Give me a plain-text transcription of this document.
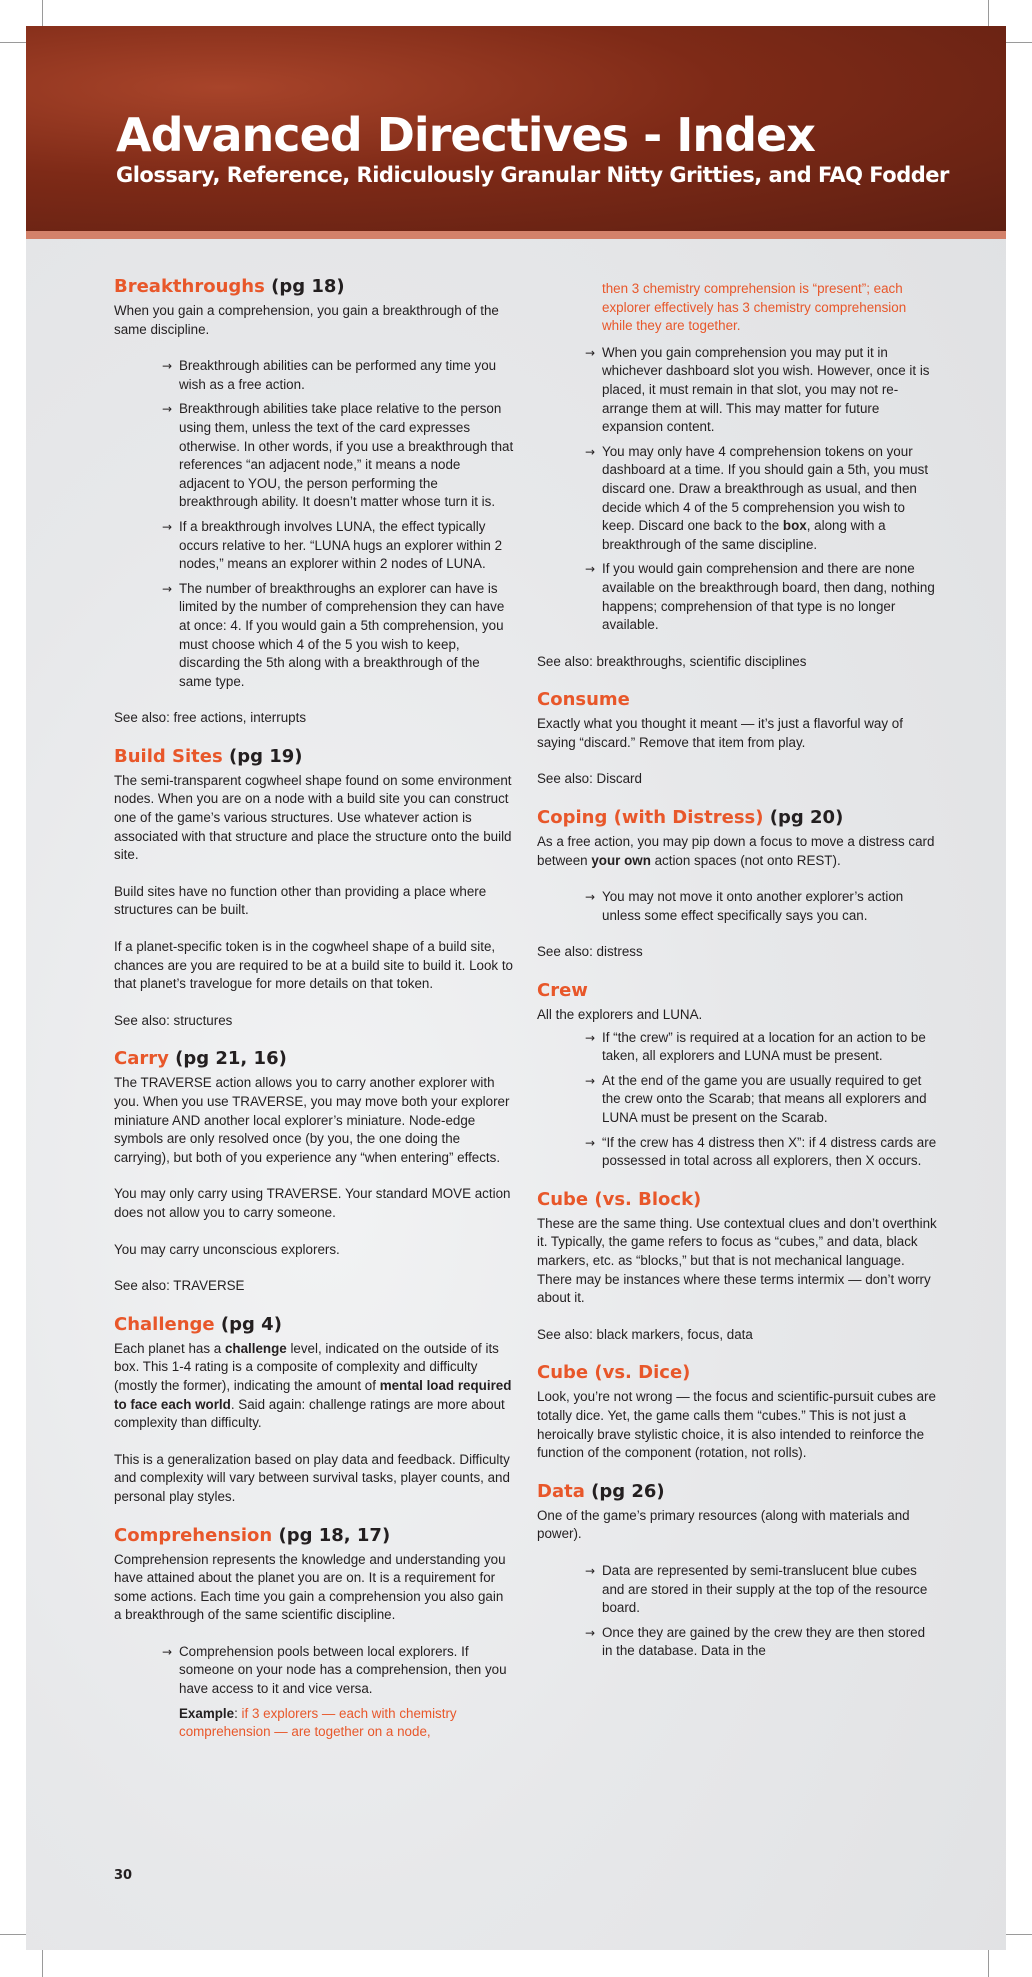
Advanced Directives - Index
Glossary, Reference, Ridiculously Granular Nitty Gritties, and FAQ Fodder
Breakthroughs (pg 18)

When you gain a comprehension, you gain a breakthrough of the same discipline.

→ Breakthrough abilities can be performed any time you wish as a free action.
→ Breakthrough abilities take place relative to the person using them, unless the text of the card expresses otherwise. In other words, if you use a breakthrough that references “an adjacent node,” it means a node adjacent to YOU, the person performing the breakthrough ability. It doesn’t matter whose turn it is.
→ If a breakthrough involves LUNA, the effect typically occurs relative to her. “LUNA hugs an explorer within 2 nodes,” means an explorer within 2 nodes of LUNA.
→ The number of breakthroughs an explorer can have is limited by the number of comprehension they can have at once: 4. If you would gain a 5th comprehension, you must choose which 4 of the 5 you wish to keep, discarding the 5th along with a breakthrough of the same type.

See also: free actions, interrupts

Build Sites (pg 19)

The semi-transparent cogwheel shape found on some environment nodes. When you are on a node with a build site you can construct one of the game’s various structures. Use whatever action is associated with that structure and place the structure onto the build site.

Build sites have no function other than providing a place where structures can be built.

If a planet-specific token is in the cogwheel shape of a build site, chances are you are required to be at a build site to build it. Look to that planet’s travelogue for more details on that token.

See also: structures

Carry (pg 21, 16)

The TRAVERSE action allows you to carry another explorer with you. When you use TRAVERSE, you may move both your explorer miniature AND another local explorer’s miniature. Node-edge symbols are only resolved once (by you, the one doing the carrying), but both of you experience any “when entering” effects.

You may only carry using TRAVERSE. Your standard MOVE action does not allow you to carry someone.

You may carry unconscious explorers.

See also: TRAVERSE

Challenge (pg 4)

Each planet has a challenge level, indicated on the outside of its box. This 1-4 rating is a composite of complexity and difficulty (mostly the former), indicating the amount of mental load required to face each world. Said again: challenge ratings are more about complexity than difficulty.

This is a generalization based on play data and feedback. Difficulty and complexity will vary between survival tasks, player counts, and personal play styles.

Comprehension (pg 18, 17)

Comprehension represents the knowledge and understanding you have attained about the planet you are on. It is a requirement for some actions. Each time you gain a comprehension you also gain a breakthrough of the same scientific discipline.

→ Comprehension pools between local explorers. If someone on your node has a comprehension, then you have access to it and vice versa.
Example: if 3 explorers — each with chemistry comprehension — are together on a node,
then 3 chemistry comprehension is “present”; each explorer effectively has 3 chemistry comprehension while they are together.
→ When you gain comprehension you may put it in whichever dashboard slot you wish. However, once it is placed, it must remain in that slot, you may not re-arrange them at will. This may matter for future expansion content.
→ You may only have 4 comprehension tokens on your dashboard at a time. If you should gain a 5th, you must discard one. Draw a breakthrough as usual, and then decide which 4 of the 5 comprehension you wish to keep. Discard one back to the box, along with a breakthrough of the same discipline.
→ If you would gain comprehension and there are none available on the breakthrough board, then dang, nothing happens; comprehension of that type is no longer available.

See also: breakthroughs, scientific disciplines

Consume

Exactly what you thought it meant — it’s just a flavorful way of saying “discard.” Remove that item from play.

See also: Discard

Coping (with Distress) (pg 20)

As a free action, you may pip down a focus to move a distress card between your own action spaces (not onto REST).

→ You may not move it onto another explorer’s action unless some effect specifically says you can.

See also: distress

Crew

All the explorers and LUNA.

→ If “the crew” is required at a location for an action to be taken, all explorers and LUNA must be present.
→ At the end of the game you are usually required to get the crew onto the Scarab; that means all explorers and LUNA must be present on the Scarab.
→ “If the crew has 4 distress then X”: if 4 distress cards are possessed in total across all explorers, then X occurs.
Cube (vs. Block)

These are the same thing. Use contextual clues and don’t overthink it. Typically, the game refers to focus as “cubes,” and data, black markers, etc. as “blocks,” but that is not mechanical language. There may be instances where these terms intermix — don’t worry about it.

See also: black markers, focus, data

Cube (vs. Dice)

Look, you’re not wrong — the focus and scientific-pursuit cubes are totally dice. Yet, the game calls them “cubes.” This is not just a heroically brave stylistic choice, it is also intended to reinforce the function of the component (rotation, not rolls).

Data (pg 26)

One of the game’s primary resources (along with materials and power).

→ Data are represented by semi-translucent blue cubes and are stored in their supply at the top of the resource board.
→ Once they are gained by the crew they are then stored in the database. Data in the
30
